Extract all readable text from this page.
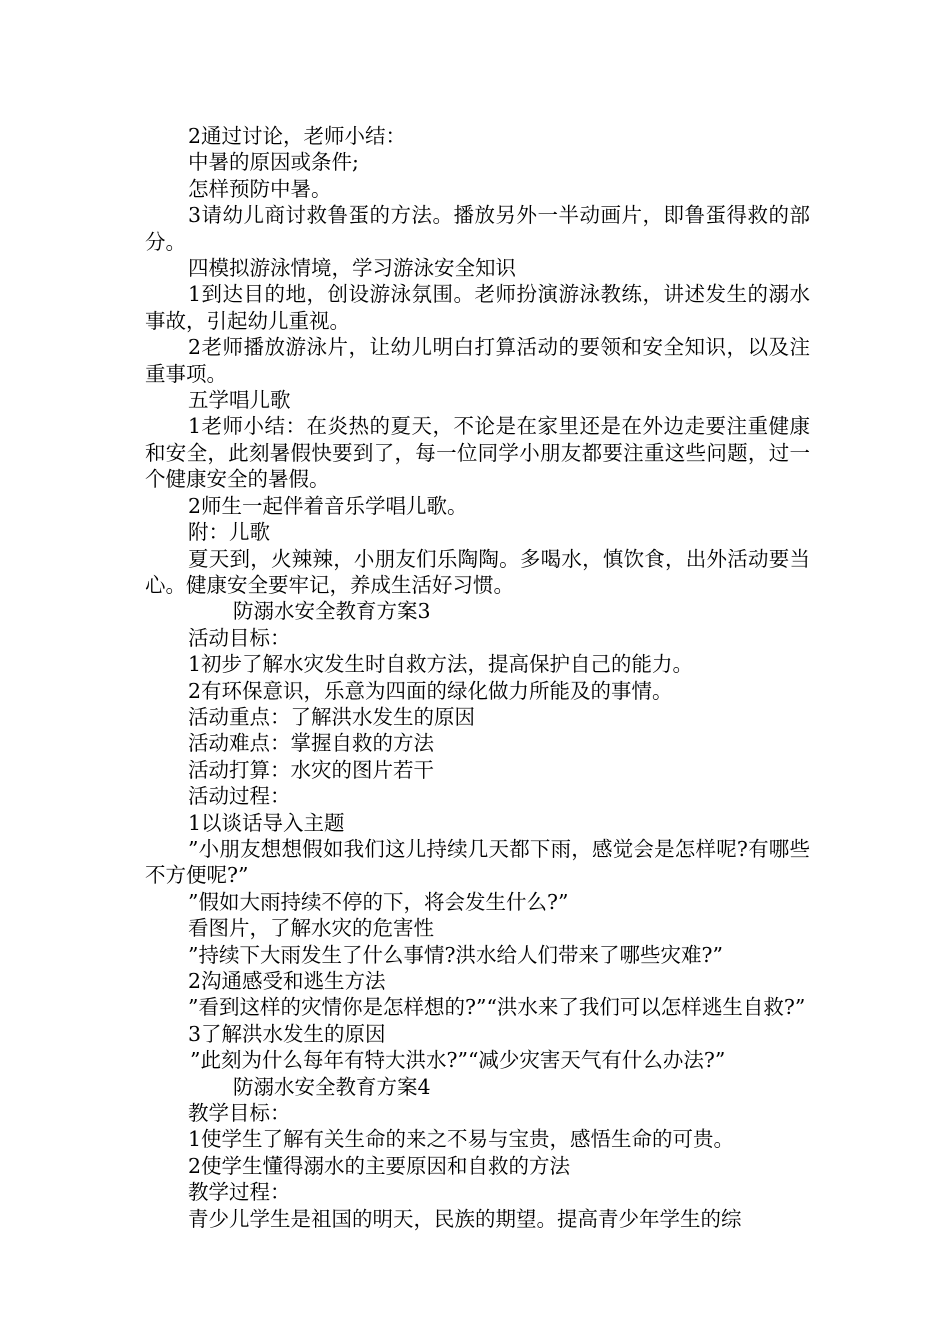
2通过讨论，老师小结：

中暑的原因或条件;

怎样预防中暑。

3请幼儿商讨救鲁蛋的方法。播放另外一半动画片，即鲁蛋得救的部分。

四模拟游泳情境，学习游泳安全知识

1到达目的地，创设游泳氛围。老师扮演游泳教练，讲述发生的溺水事故，引起幼儿重视。

2老师播放游泳片，让幼儿明白打算活动的要领和安全知识，以及注重事项。

五学唱儿歌

1老师小结：在炎热的夏天，不论是在家里还是在外边走要注重健康和安全，此刻暑假快要到了，每一位同学小朋友都要注重这些问题，过一个健康安全的暑假。

2师生一起伴着音乐学唱儿歌。

附：儿歌

夏天到，火辣辣，小朋友们乐陶陶。多喝水，慎饮食，出外活动要当心。健康安全要牢记，养成生活好习惯。

防溺水安全教育方案3

活动目标：

1初步了解水灾发生时自救方法，提高保护自己的能力。

2有环保意识，乐意为四面的绿化做力所能及的事情。

活动重点：了解洪水发生的原因

活动难点：掌握自救的方法

活动打算：水灾的图片若干

活动过程：

1以谈话导入主题

”小朋友想想假如我们这儿持续几天都下雨，感觉会是怎样呢?有哪些不方便呢?”

”假如大雨持续不停的下，将会发生什么?”

看图片，了解水灾的危害性

”持续下大雨发生了什么事情?洪水给人们带来了哪些灾难?”

2沟通感受和逃生方法

”看到这样的灾情你是怎样想的?”“洪水来了我们可以怎样逃生自救?”

3了解洪水发生的原因

”此刻为什么每年有特大洪水?”“减少灾害天气有什么办法?”

防溺水安全教育方案4

教学目标：

1使学生了解有关生命的来之不易与宝贵，感悟生命的可贵。

2使学生懂得溺水的主要原因和自救的方法

教学过程：

青少儿学生是祖国的明天，民族的期望。提高青少年学生的综
